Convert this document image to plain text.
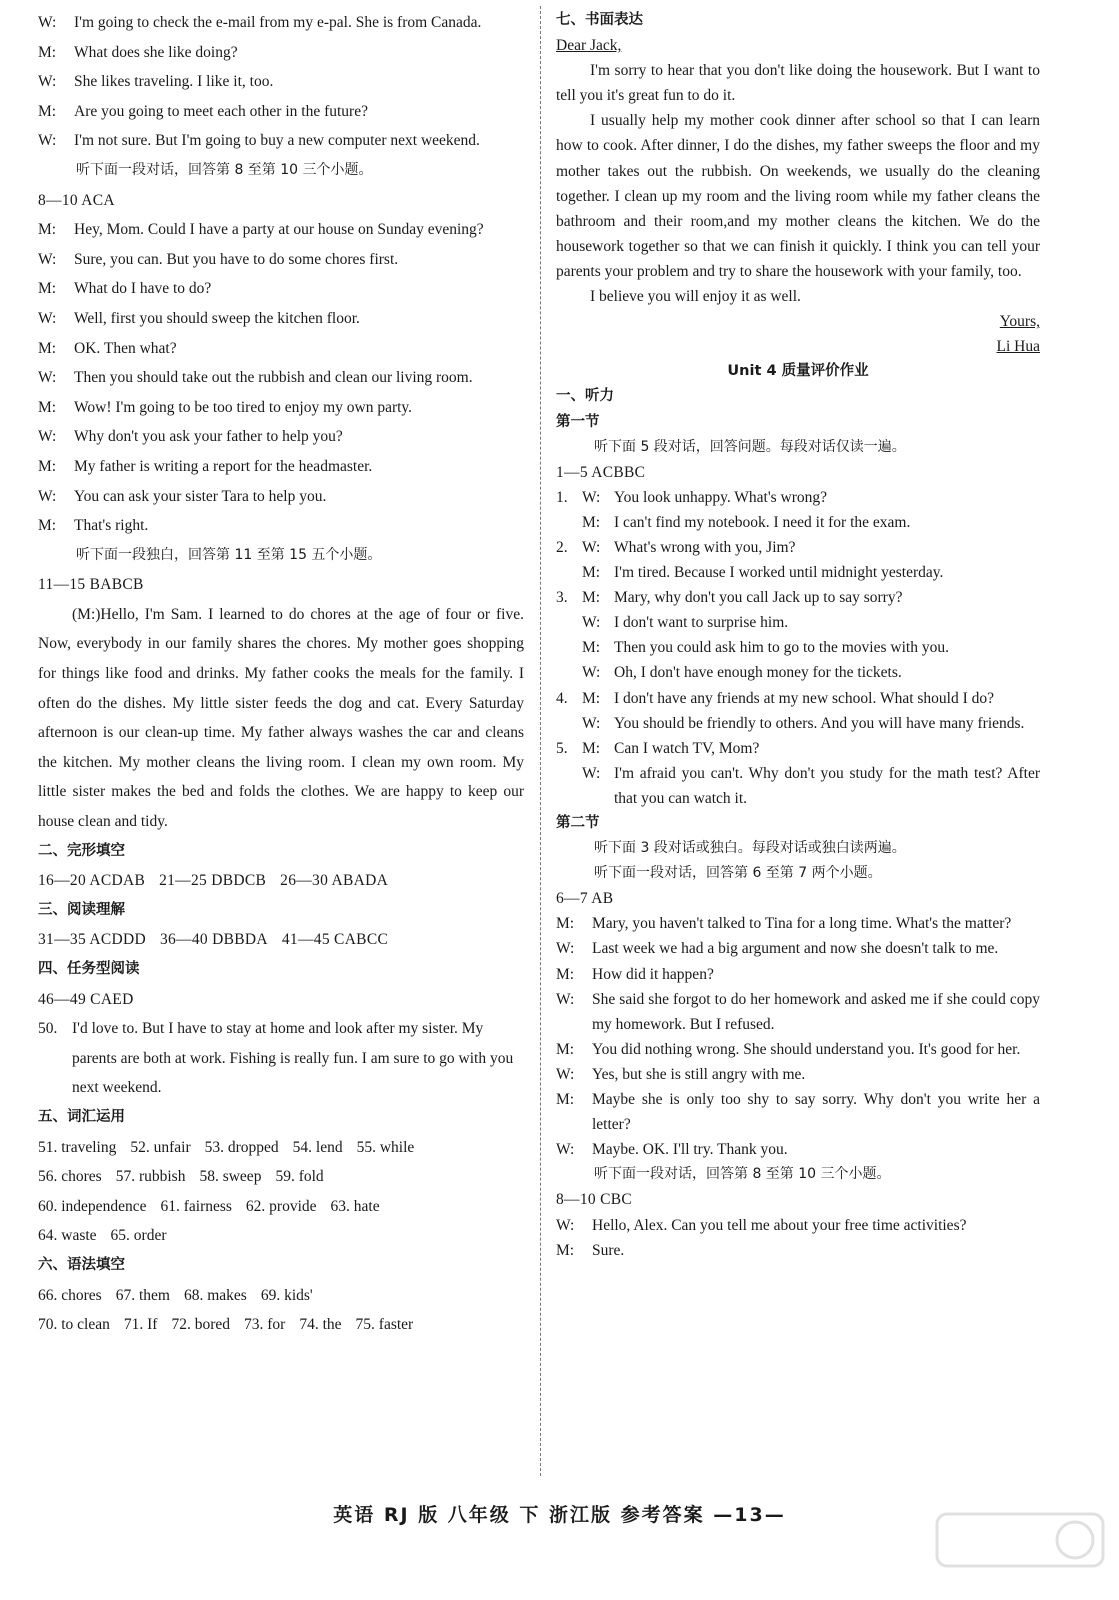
W:	I'm going to check the e-mail from my e-pal. She is from Canada.
M:	What does she like doing?
W:	She likes traveling. I like it, too.
M:	Are you going to meet each other in the future?
W:	I'm not sure. But I'm going to buy a new computer next weekend.
听下面一段对话，回答第 8 至第 10 三个小题。
8—10 ACA
M:	Hey, Mom. Could I have a party at our house on Sunday evening?
W:	Sure, you can. But you have to do some chores first.
M:	What do I have to do?
W:	Well, first you should sweep the kitchen floor.
M:	OK. Then what?
W:	Then you should take out the rubbish and clean our living room.
M:	Wow! I'm going to be too tired to enjoy my own party.
W:	Why don't you ask your father to help you?
M:	My father is writing a report for the headmaster.
W:	You can ask your sister Tara to help you.
M:	That's right.
听下面一段独白，回答第 11 至第 15 五个小题。
11—15 BABCB
(M:)Hello, I'm Sam. I learned to do chores at the age of four or five. Now, everybody in our family shares the chores. My mother goes shopping for things like food and drinks. My father cooks the meals for the family. I often do the dishes. My little sister feeds the dog and cat. Every Saturday afternoon is our clean-up time. My father always washes the car and cleans the kitchen. My mother cleans the living room. I clean my own room. My little sister makes the bed and folds the clothes. We are happy to keep our house clean and tidy.
二、完形填空
16—20 ACDAB 21—25 DBDCB 26—30 ABADA
三、阅读理解
31—35 ACDDD 36—40 DBBDA 41—45 CABCC
四、任务型阅读
46—49 CAED
50. I'd love to. But I have to stay at home and look after my sister. My parents are both at work. Fishing is really fun. I am sure to go with you next weekend.
五、词汇运用
51. traveling 52. unfair 53. dropped 54. lend 55. while
56. chores 57. rubbish 58. sweep 59. fold
60. independence 61. fairness 62. provide 63. hate
64. waste 65. order
六、语法填空
66. chores 67. them 68. makes 69. kids'
70. to clean 71. If 72. bored 73. for 74. the 75. faster
七、书面表达
Dear Jack,
I'm sorry to hear that you don't like doing the housework. But I want to tell you it's great fun to do it.
I usually help my mother cook dinner after school so that I can learn how to cook. After dinner, I do the dishes, my father sweeps the floor and my mother takes out the rubbish. On weekends, we usually do the cleaning together. I clean up my room and the living room while my father cleans the bathroom and their room,and my mother cleans the kitchen. We do the housework together so that we can finish it quickly. I think you can tell your parents your problem and try to share the housework with your family, too.
I believe you will enjoy it as well.
Yours,
Li Hua
Unit 4 质量评价作业
一、听力
第一节
听下面 5 段对话，回答问题。每段对话仅读一遍。
1—5 ACBBC
1. W: You look unhappy. What's wrong?
M: I can't find my notebook. I need it for the exam.
2. W: What's wrong with you, Jim?
M: I'm tired. Because I worked until midnight yesterday.
3. M: Mary, why don't you call Jack up to say sorry?
W: I don't want to surprise him.
M: Then you could ask him to go to the movies with you.
W: Oh, I don't have enough money for the tickets.
4. M: I don't have any friends at my new school. What should I do?
W: You should be friendly to others. And you will have many friends.
5. M: Can I watch TV, Mom?
W: I'm afraid you can't. Why don't you study for the math test? After that you can watch it.
第二节
听下面 3 段对话或独白。每段对话或独白读两遍。
听下面一段对话，回答第 6 至第 7 两个小题。
6—7 AB
M:	Mary, you haven't talked to Tina for a long time. What's the matter?
W:	Last week we had a big argument and now she doesn't talk to me.
M:	How did it happen?
W:	She said she forgot to do her homework and asked me if she could copy my homework. But I refused.
M:	You did nothing wrong. She should understand you. It's good for her.
W:	Yes, but she is still angry with me.
M:	Maybe she is only too shy to say sorry. Why don't you write her a letter?
W:	Maybe. OK. I'll try. Thank you.
听下面一段对话，回答第 8 至第 10 三个小题。
8—10 CBC
W:	Hello, Alex. Can you tell me about your free time activities?
M:	Sure.
英语 RJ 版 八年级 下 浙江版 参考答案 —13—
